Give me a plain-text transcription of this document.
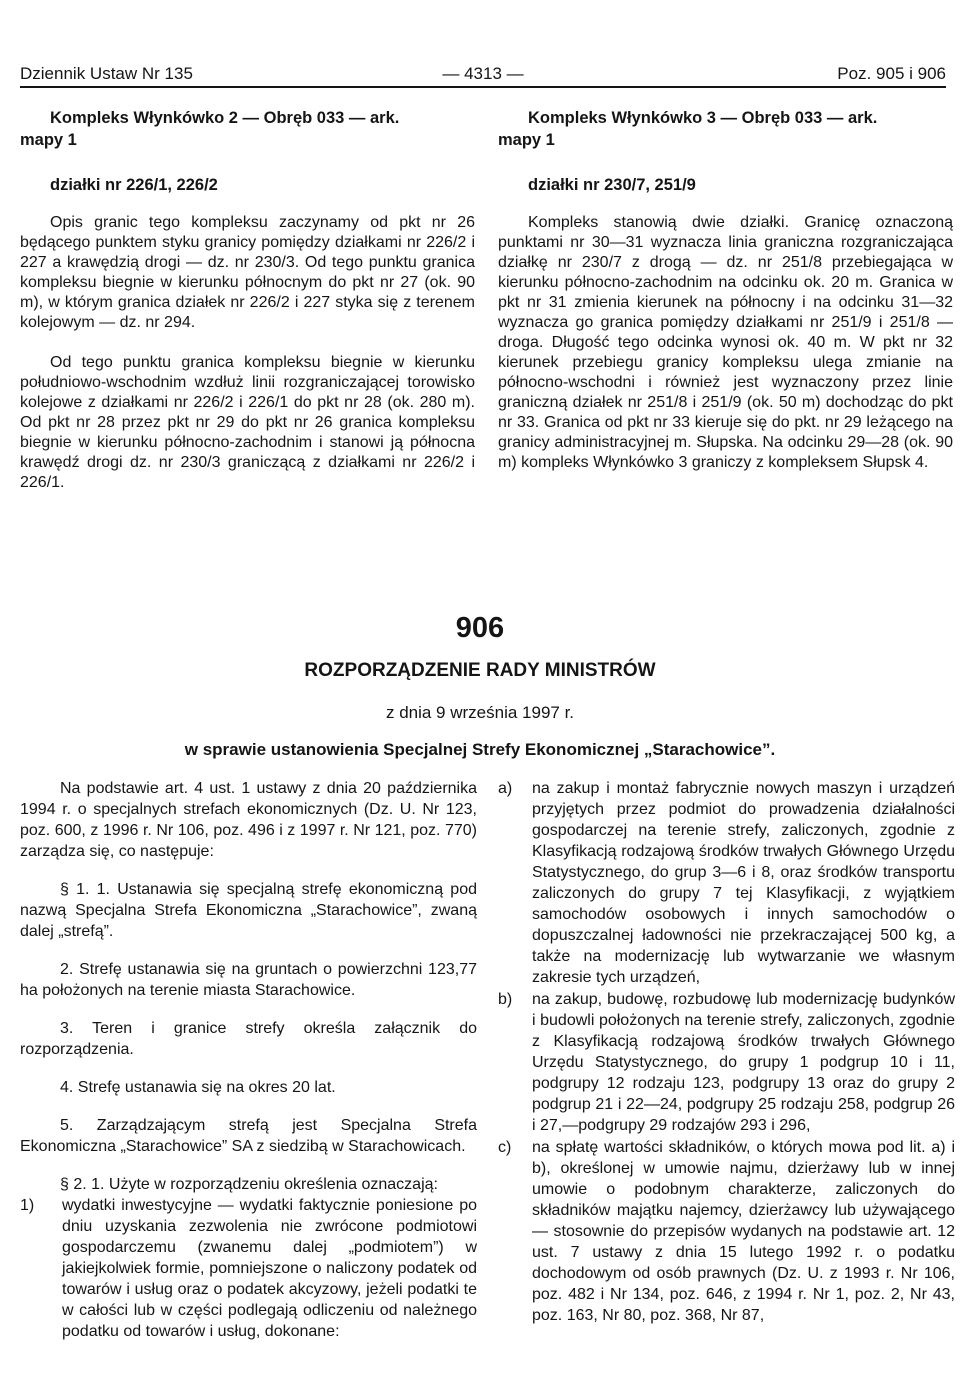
Dziennik Ustaw Nr 135	— 4313 —	Poz. 905 i 906
Kompleks Włynkówko 2 — Obręb 033 — ark.
mapy 1
działki nr 226/1, 226/2

Opis granic tego kompleksu zaczynamy od pkt nr 26 będącego punktem styku granicy pomiędzy działkami nr 226/2 i 227 a krawędzią drogi — dz. nr 230/3. Od tego punktu granica kompleksu biegnie w kierunku północnym do pkt nr 27 (ok. 90 m), w którym granica działek nr 226/2 i 227 styka się z terenem kolejowym — dz. nr 294.

Od tego punktu granica kompleksu biegnie w kierunku południowo-wschodnim wzdłuż linii rozgraniczającej torowisko kolejowe z działkami nr 226/2 i 226/1 do pkt nr 28 (ok. 280 m). Od pkt nr 28 przez pkt nr 29 do pkt nr 26 granica kompleksu biegnie w kierunku północno-zachodnim i stanowi ją północna krawędź drogi dz. nr 230/3 graniczącą z działkami nr 226/2 i 226/1.

Kompleks Włynkówko 3 — Obręb 033 — ark.
mapy 1
działki nr 230/7, 251/9

Kompleks stanowią dwie działki. Granicę oznaczoną punktami nr 30—31 wyznacza linia graniczna rozgraniczająca działkę nr 230/7 z drogą — dz. nr 251/8 przebiegająca w kierunku północno-zachodnim na odcinku ok. 20 m. Granica w pkt nr 31 zmienia kierunek na północny i na odcinku 31—32 wyznacza go granica pomiędzy działkami nr 251/9 i 251/8 — droga. Długość tego odcinka wynosi ok. 40 m. W pkt nr 32 kierunek przebiegu granicy kompleksu ulega zmianie na północno-wschodni i również jest wyznaczony przez linie graniczną działek nr 251/8 i 251/9 (ok. 50 m) dochodząc do pkt nr 33. Granica od pkt nr 33 kieruje się do pkt. nr 29 leżącego na granicy administracyjnej m. Słupska. Na odcinku 29—28 (ok. 90 m) kompleks Włynkówko 3 graniczy z kompleksem Słupsk 4.

906
ROZPORZĄDZENIE RADY MINISTRÓW
z dnia 9 września 1997 r.
w sprawie ustanowienia Specjalnej Strefy Ekonomicznej „Starachowice”.

Na podstawie art. 4 ust. 1 ustawy z dnia 20 października 1994 r. o specjalnych strefach ekonomicznych (Dz. U. Nr 123, poz. 600, z 1996 r. Nr 106, poz. 496 i z 1997 r. Nr 121, poz. 770) zarządza się, co następuje:

§ 1. 1. Ustanawia się specjalną strefę ekonomiczną pod nazwą Specjalna Strefa Ekonomiczna „Starachowice”, zwaną dalej „strefą”.

2. Strefę ustanawia się na gruntach o powierzchni 123,77 ha położonych na terenie miasta Starachowice.

3. Teren i granice strefy określa załącznik do rozporządzenia.

4. Strefę ustanawia się na okres 20 lat.

5. Zarządzającym strefą jest Specjalna Strefa Ekonomiczna „Starachowice” SA z siedzibą w Starachowicach.

§ 2. 1. Użyte w rozporządzeniu określenia oznaczają:

1) wydatki inwestycyjne — wydatki faktycznie poniesione po dniu uzyskania zezwolenia nie zwrócone podmiotowi gospodarczemu (zwanemu dalej „podmiotem”) w jakiejkolwiek formie, pomniejszone o naliczony podatek od towarów i usług oraz o podatek akcyzowy, jeżeli podatki te w całości lub w części podlegają odliczeniu od należnego podatku od towarów i usług, dokonane:
a) na zakup i montaż fabrycznie nowych maszyn i urządzeń przyjętych przez podmiot do prowadzenia działalności gospodarczej na terenie strefy, zaliczonych, zgodnie z Klasyfikacją rodzajową środków trwałych Głównego Urzędu Statystycznego, do grup 3—6 i 8, oraz środków transportu zaliczonych do grupy 7 tej Klasyfikacji, z wyjątkiem samochodów osobowych i innych samochodów o dopuszczalnej ładowności nie przekraczającej 500 kg, a także na modernizację lub wytwarzanie we własnym zakresie tych urządzeń,
b) na zakup, budowę, rozbudowę lub modernizację budynków i budowli położonych na terenie strefy, zaliczonych, zgodnie z Klasyfikacją rodzajową środków trwałych Głównego Urzędu Statystycznego, do grupy 1 podgrup 10 i 11, podgrupy 12 rodzaju 123, podgrupy 13 oraz do grupy 2 podgrup 21 i 22—24, podgrupy 25 rodzaju 258, podgrup 26 i 27,—podgrupy 29 rodzajów 293 i 296,
c) na spłatę wartości składników, o których mowa pod lit. a) i b), określonej w umowie najmu, dzierżawy lub w innej umowie o podobnym charakterze, zaliczonych do składników majątku najemcy, dzierżawcy lub używającego — stosownie do przepisów wydanych na podstawie art. 12 ust. 7 ustawy z dnia 15 lutego 1992 r. o podatku dochodowym od osób prawnych (Dz. U. z 1993 r. Nr 106, poz. 482 i Nr 134, poz. 646, z 1994 r. Nr 1, poz. 2, Nr 43, poz. 163, Nr 80, poz. 368, Nr 87,
